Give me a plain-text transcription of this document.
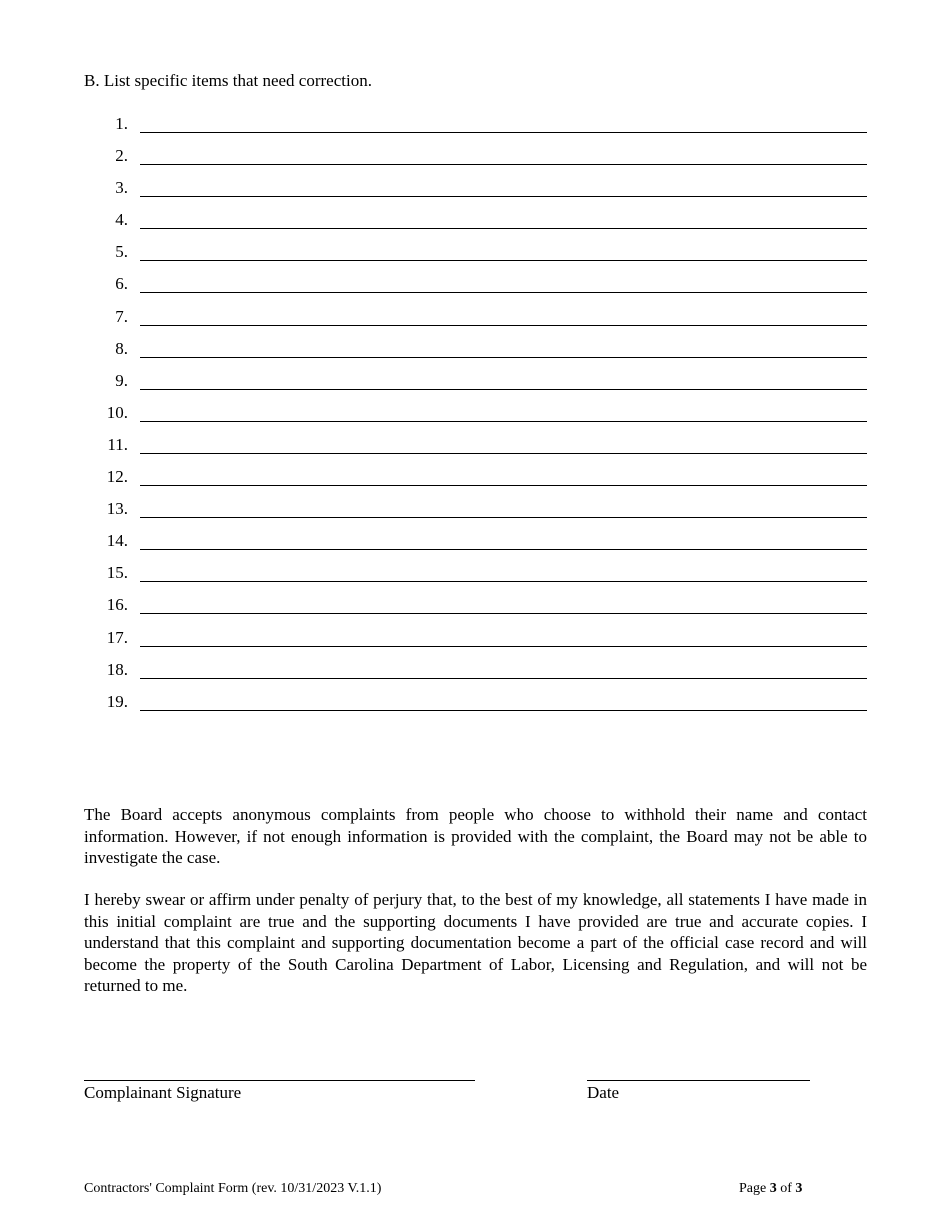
B. List specific items that need correction.
1.
2.
3.
4.
5.
6.
7.
8.
9.
10.
11.
12.
13.
14.
15.
16.
17.
18.
19.

The Board accepts anonymous complaints from people who choose to withhold their name and contact information. However, if not enough information is provided with the complaint, the Board may not be able to investigate the case.

I hereby swear or affirm under penalty of perjury that, to the best of my knowledge, all statements I have made in this initial complaint are true and the supporting documents I have provided are true and accurate copies. I understand that this complaint and supporting documentation become a part of the official case record and will become the property of the South Carolina Department of Labor, Licensing and Regulation, and will not be returned to me.

Complainant Signature	Date
Contractors' Complaint Form (rev. 10/31/2023 V.1.1)	Page 3 of 3
